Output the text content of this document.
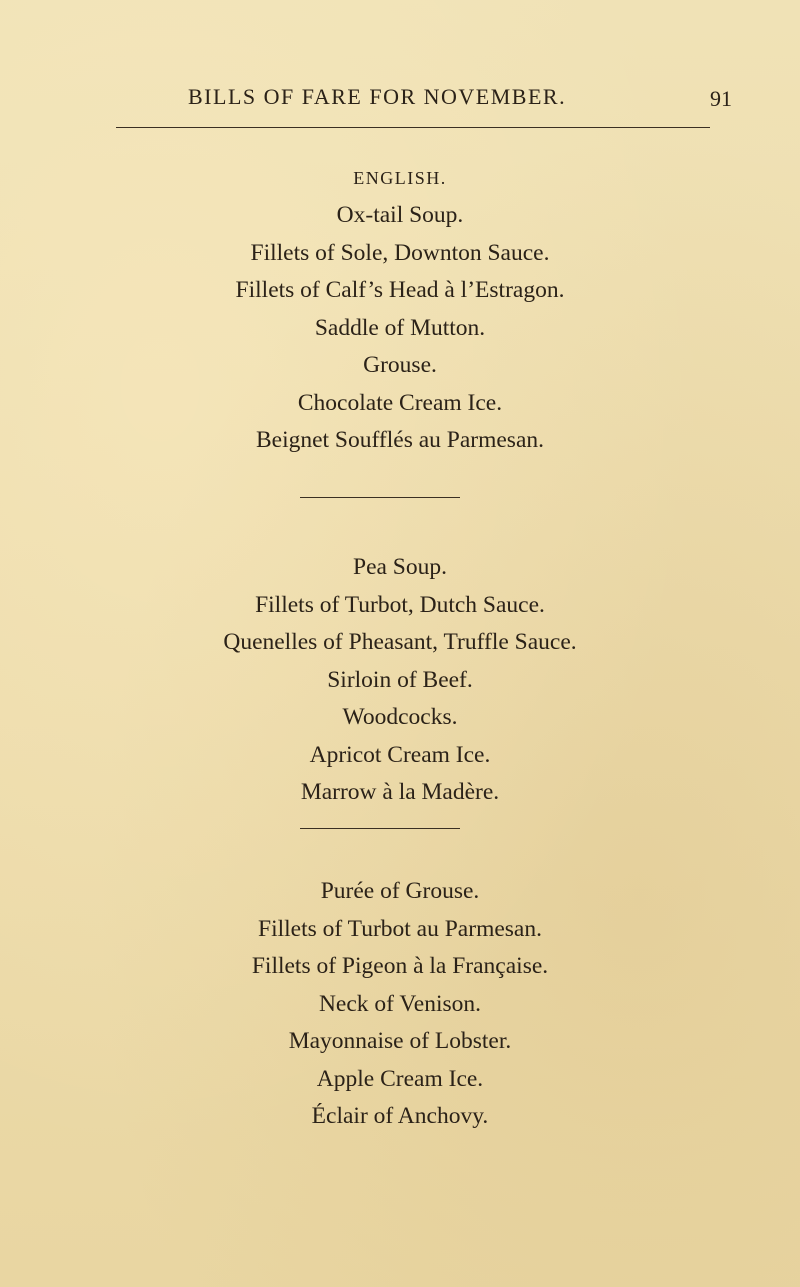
BILLS OF FARE FOR NOVEMBER.	91
ENGLISH.
Ox-tail Soup.
Fillets of Sole, Downton Sauce.
Fillets of Calf’s Head à l’Estragon.
Saddle of Mutton.
Grouse.
Chocolate Cream Ice.
Beignet Soufflés au Parmesan.
Pea Soup.
Fillets of Turbot, Dutch Sauce.
Quenelles of Pheasant, Truffle Sauce.
Sirloin of Beef.
Woodcocks.
Apricot Cream Ice.
Marrow à la Madère.
Purée of Grouse.
Fillets of Turbot au Parmesan.
Fillets of Pigeon à la Française.
Neck of Venison.
Mayonnaise of Lobster.
Apple Cream Ice.
Éclair of Anchovy.
